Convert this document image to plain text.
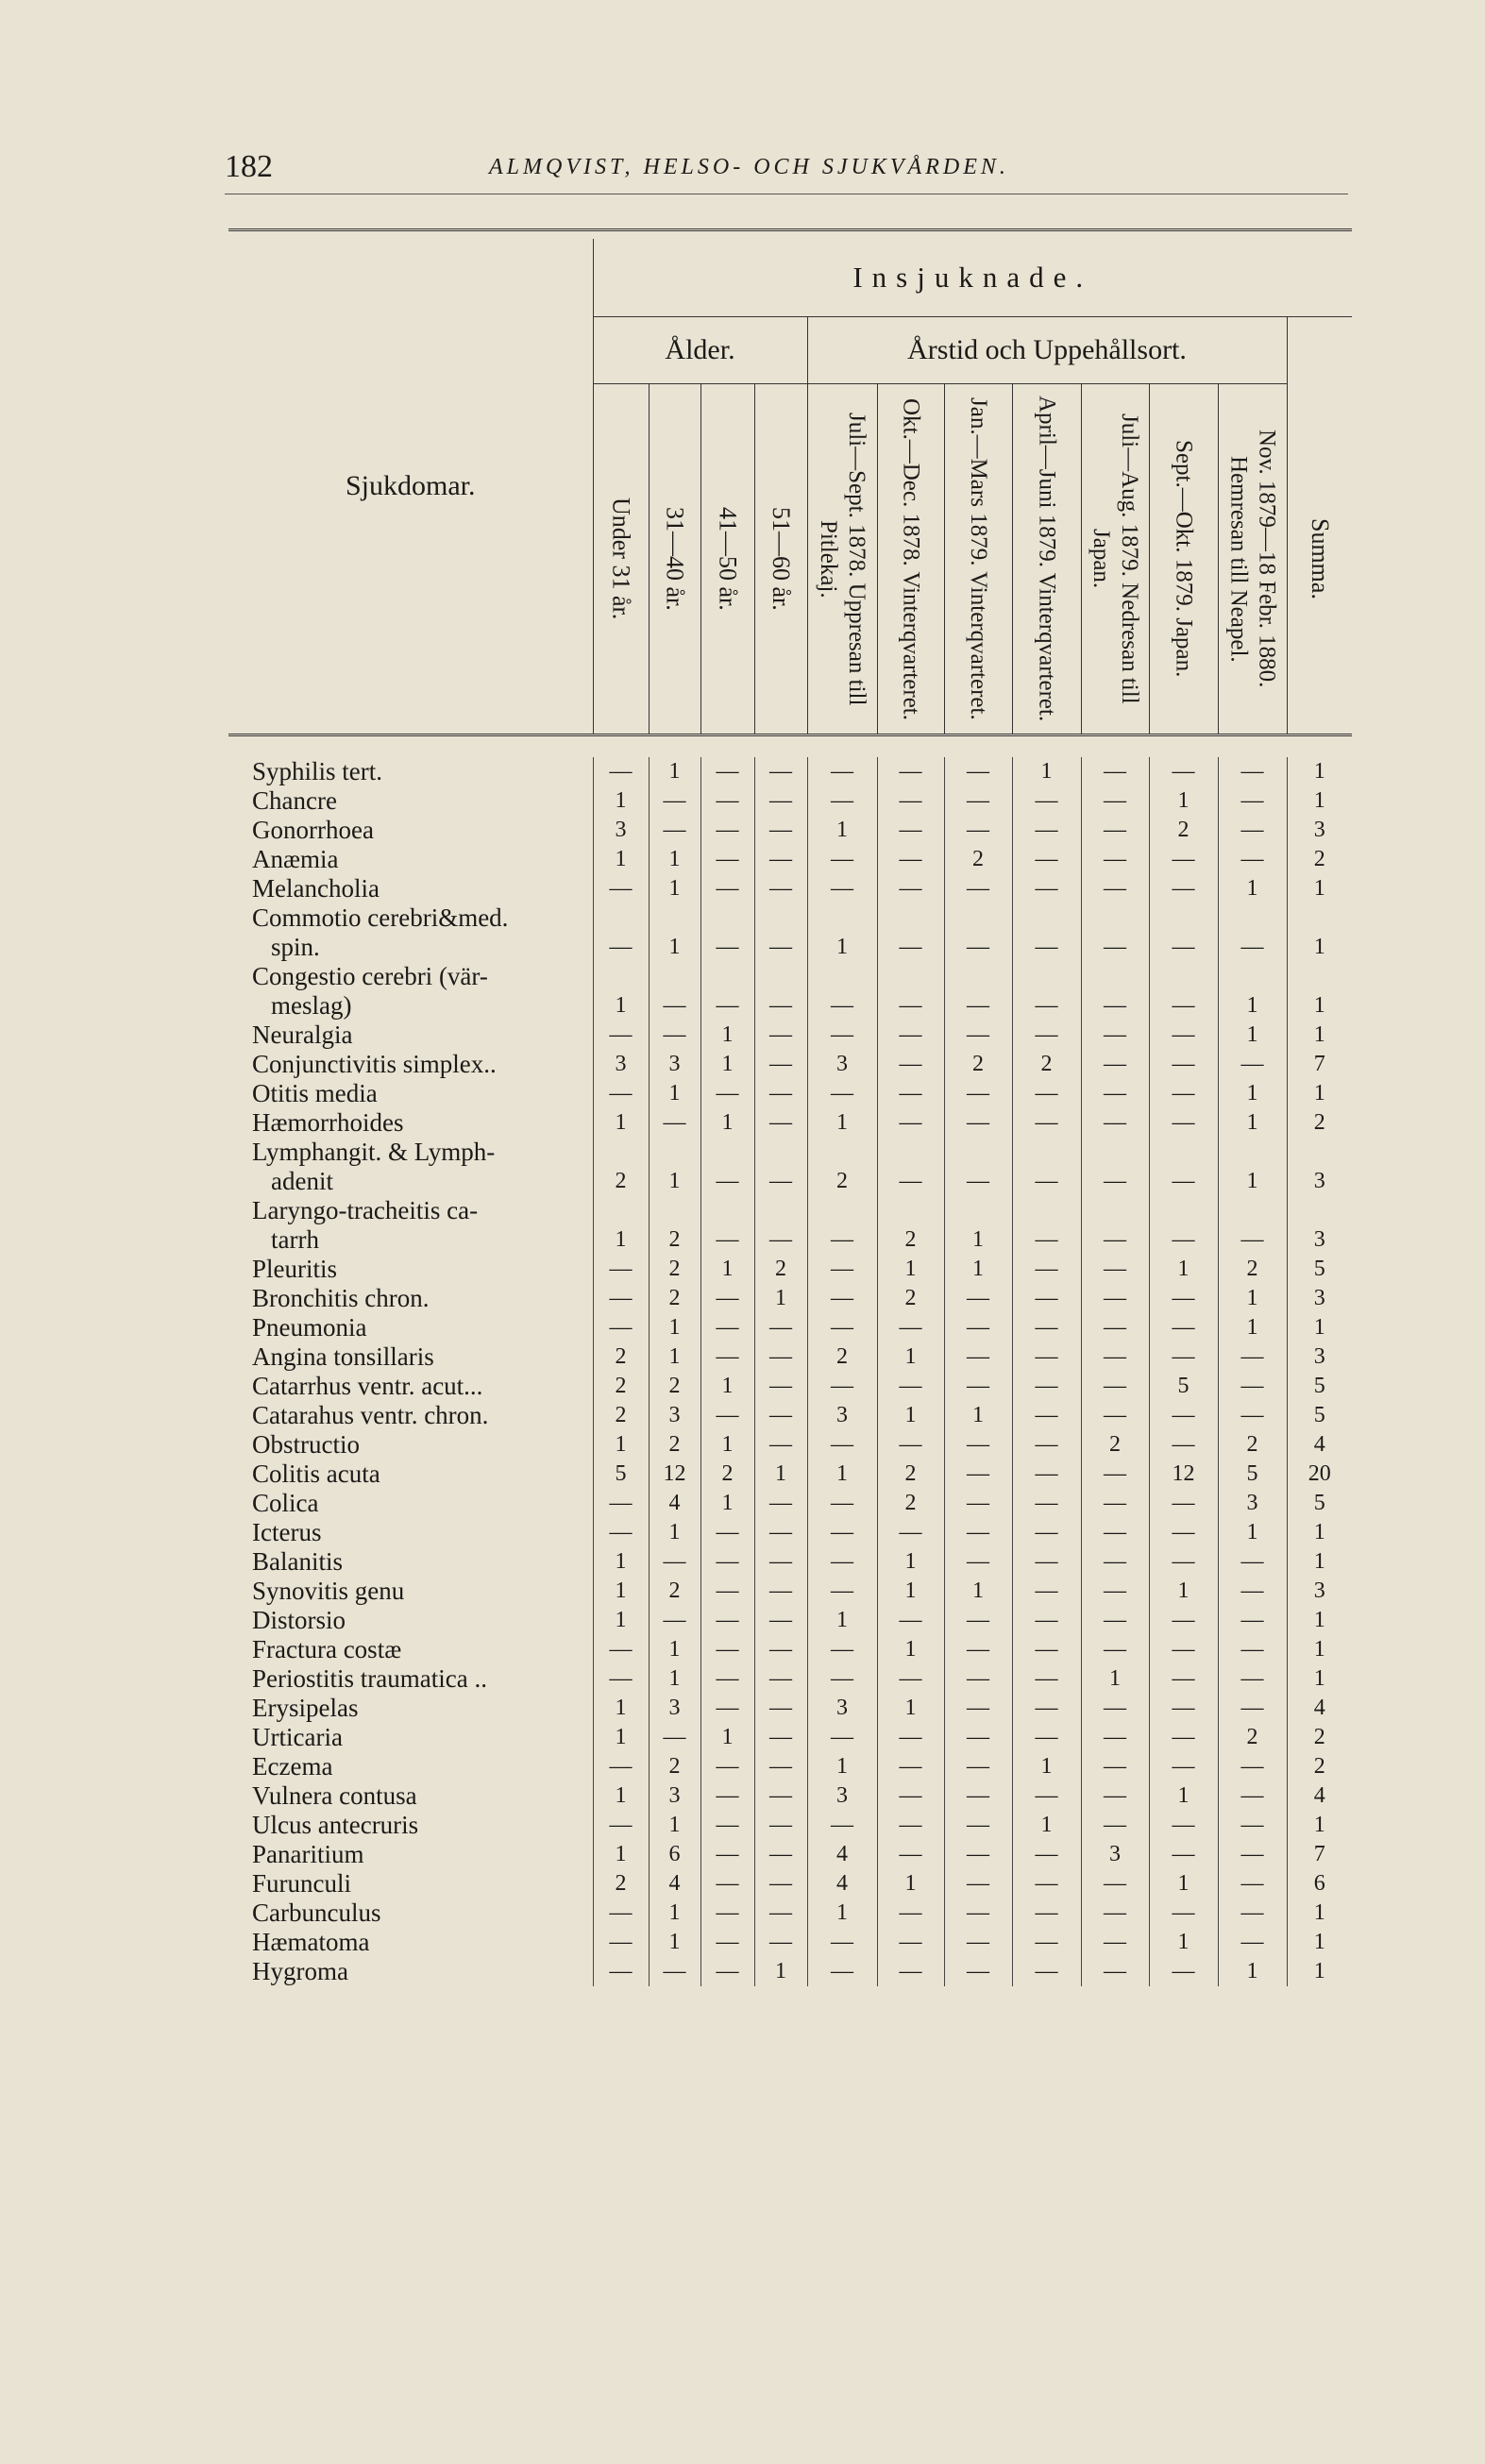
182	ALMQVIST, HELSO- OCH SJUKVÅRDEN.

Sjukdomar.	Insjuknade.											
	Ålder.				Årstid och Uppehållsort.							

	Under 31 år.	31—40 år.	41—50 år.	51—60 år.	Juli—Sept. 1878. Uppresan till Pitlekaj.	Okt.—Dec. 1878. Vinterqvarteret.	Jan.—Mars 1879. Vinterqvarteret.	April—Juni 1879. Vinterqvarteret.	Juli—Aug. 1879. Nedresan till Japan.	Sept.—Okt. 1879. Japan.	Nov. 1879—18 Febr. 1880. Hemresan till Neapel.	Summa.

Syphilis tert.	—	1	—	—	—	—	—	1	—	—	—	1
Chancre	1	—	—	—	—	—	—	—	—	1	—	1
Gonorrhoea	3	—	—	—	1	—	—	—	—	2	—	3
Anæmia	1	1	—	—	—	—	2	—	—	—	—	2
Melancholia	—	1	—	—	—	—	—	—	—	—	1	1
Commotio cerebri&med.												
spin.	—	1	—	—	1	—	—	—	—	—	—	1
Congestio cerebri (vär-												
meslag)	1	—	—	—	—	—	—	—	—	—	1	1
Neuralgia	—	—	1	—	—	—	—	—	—	—	1	1
Conjunctivitis simplex..	3	3	1	—	3	—	2	2	—	—	—	7
Otitis media	—	1	—	—	—	—	—	—	—	—	1	1
Hæmorrhoides	1	—	1	—	1	—	—	—	—	—	1	2
Lymphangit. & Lymph-												
adenit	2	1	—	—	2	—	—	—	—	—	1	3
Laryngo-tracheitis ca-												
tarrh	1	2	—	—	—	2	1	—	—	—	—	3
Pleuritis	—	2	1	2	—	1	1	—	—	1	2	5
Bronchitis chron.	—	2	—	1	—	2	—	—	—	—	1	3
Pneumonia	—	1	—	—	—	—	—	—	—	—	1	1
Angina tonsillaris	2	1	—	—	2	1	—	—	—	—	—	3
Catarrhus ventr. acut...	2	2	1	—	—	—	—	—	—	5	—	5
Catarahus ventr. chron.	2	3	—	—	3	1	1	—	—	—	—	5
Obstructio	1	2	1	—	—	—	—	—	2	—	2	4
Colitis acuta	5	12	2	1	1	2	—	—	—	12	5	20
Colica	—	4	1	—	—	2	—	—	—	—	3	5
Icterus	—	1	—	—	—	—	—	—	—	—	1	1
Balanitis	1	—	—	—	—	1	—	—	—	—	—	1
Synovitis genu	1	2	—	—	—	1	1	—	—	1	—	3
Distorsio	1	—	—	—	1	—	—	—	—	—	—	1
Fractura costæ	—	1	—	—	—	1	—	—	—	—	—	1
Periostitis traumatica ..	—	1	—	—	—	—	—	—	1	—	—	1
Erysipelas	1	3	—	—	3	1	—	—	—	—	—	4
Urticaria	1	—	1	—	—	—	—	—	—	—	2	2
Eczema	—	2	—	—	1	—	—	1	—	—	—	2
Vulnera contusa	1	3	—	—	3	—	—	—	—	1	—	4
Ulcus antecruris	—	1	—	—	—	—	—	1	—	—	—	1
Panaritium	1	6	—	—	4	—	—	—	3	—	—	7
Furunculi	2	4	—	—	4	1	—	—	—	1	—	6
Carbunculus	—	1	—	—	1	—	—	—	—	—	—	1
Hæmatoma	—	1	—	—	—	—	—	—	—	1	—	1
Hygroma	—	—	—	1	—	—	—	—	—	—	1	1
